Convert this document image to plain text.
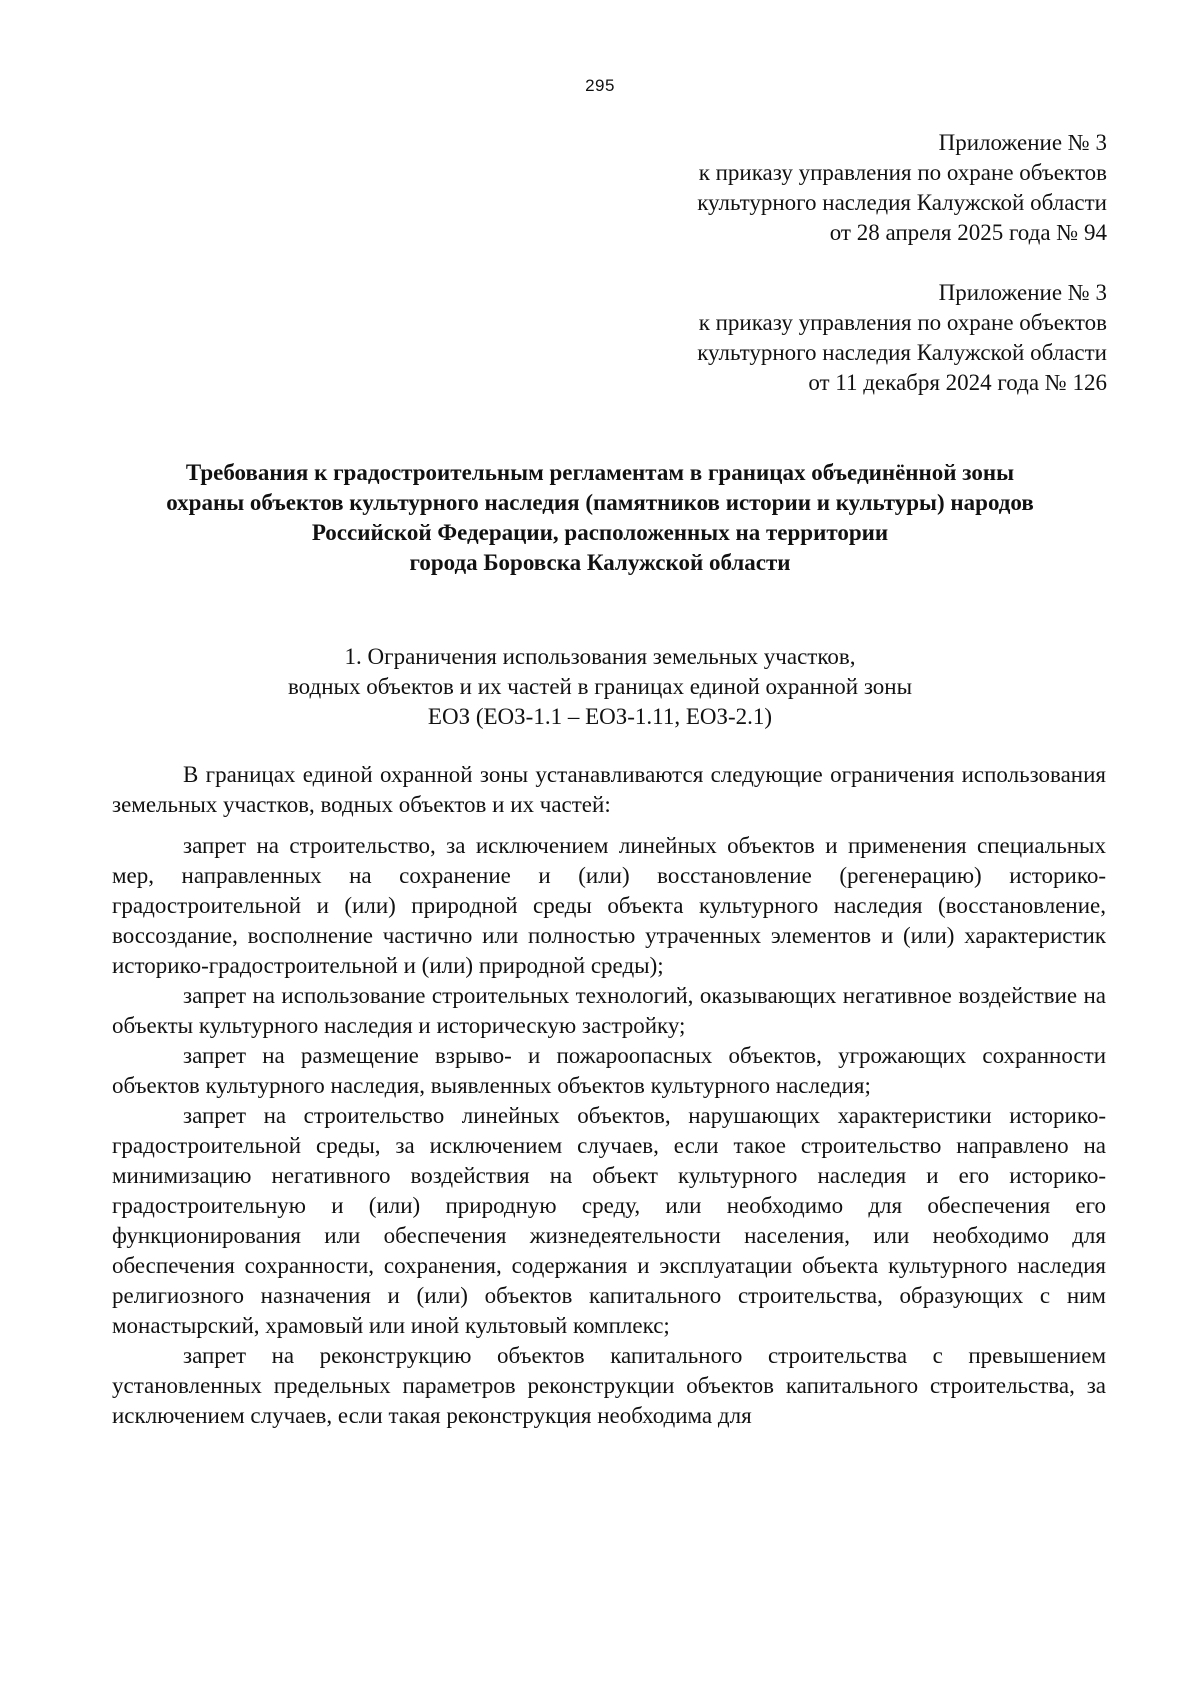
295
Приложение № 3
к приказу управления по охране объектов
культурного наследия Калужской области
от 28 апреля 2025 года № 94
Приложение № 3
к приказу управления по охране объектов
культурного наследия Калужской области
от 11 декабря 2024 года № 126
Требования к градостроительным регламентам в границах объединённой зоны
охраны объектов культурного наследия (памятников истории и культуры) народов
Российской Федерации, расположенных на территории
города Боровска Калужской области
1. Ограничения использования земельных участков,
водных объектов и их частей в границах единой охранной зоны
ЕОЗ (ЕОЗ-1.1 – ЕОЗ-1.11, ЕОЗ-2.1)

В границах единой охранной зоны устанавливаются следующие ограничения использования земельных участков, водных объектов и их частей:

запрет на строительство, за исключением линейных объектов и применения специальных мер, направленных на сохранение и (или) восстановление (регенерацию) историко-градостроительной и (или) природной среды объекта культурного наследия (восстановление, воссоздание, восполнение частично или полностью утраченных элементов и (или) характеристик историко-градостроительной и (или) природной среды);

запрет на использование строительных технологий, оказывающих негативное воздействие на объекты культурного наследия и историческую застройку;

запрет на размещение взрыво- и пожароопасных объектов, угрожающих сохранности объектов культурного наследия, выявленных объектов культурного наследия;

запрет на строительство линейных объектов, нарушающих характеристики историко-градостроительной среды, за исключением случаев, если такое строительство направлено на минимизацию негативного воздействия на объект культурного наследия и его историко-градостроительную и (или) природную среду, или необходимо для обеспечения его функционирования или обеспечения жизнедеятельности населения, или необходимо для обеспечения сохранности, сохранения, содержания и эксплуатации объекта культурного наследия религиозного назначения и (или) объектов капитального строительства, образующих с ним монастырский, храмовый или иной культовый комплекс;

запрет на реконструкцию объектов капитального строительства с превышением установленных предельных параметров реконструкции объектов капитального строительства, за исключением случаев, если такая реконструкция необходима для
